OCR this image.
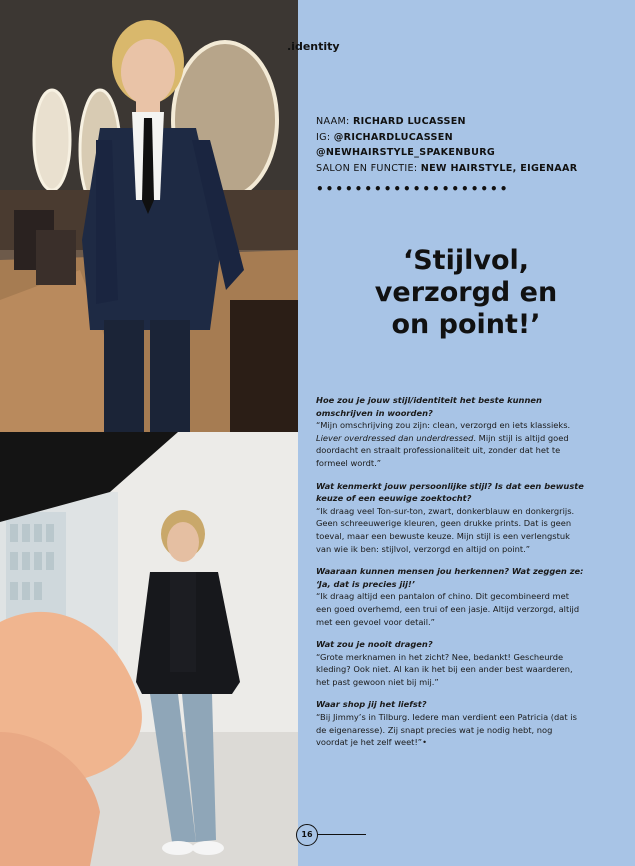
.identity
NAAM: RICHARD LUCASSEN
IG: @RICHARDLUCASSEN
@NEWHAIRSTYLE_SPAKENBURG
SALON EN FUNCTIE: NEW HAIRSTYLE, EIGENAAR
••••••••••••••••••••
‘Stijlvol,
verzorgd en
on point!’
Hoe zou je jouw stijl/identiteit het beste kunnen omschrijven in woorden?
“Mijn omschrijving zou zijn: clean, verzorgd en iets klassieks. Liever overdressed dan underdressed. Mijn stijl is altijd goed doordacht en straalt professionaliteit uit, zonder dat het te formeel wordt.”
Wat kenmerkt jouw persoonlijke stijl? Is dat een bewuste keuze of een eeuwige zoektocht?
“Ik draag veel Ton-sur-ton, zwart, donkerblauw en donkergrijs. Geen schreeuwerige kleuren, geen drukke prints. Dat is geen toeval, maar een bewuste keuze. Mijn stijl is een verlengstuk van wie ik ben: stijlvol, verzorgd en altijd on point.”
Waaraan kunnen mensen jou herkennen? Wat zeggen ze: ‘Ja, dat is precies jij!’
“Ik draag altijd een pantalon of chino. Dit gecombineerd met een goed overhemd, een trui of een jasje. Altijd verzorgd, altijd met een gevoel voor detail.”
Wat zou je nooit dragen?
“Grote merknamen in het zicht? Nee, bedankt! Gescheurde kleding? Ook niet. Al kan ik het bij een ander best waarderen, het past gewoon niet bij mij.”
Waar shop jij het liefst?
“Bij Jimmy’s in Tilburg. Iedere man verdient een Patricia (dat is de eigenaresse). Zij snapt precies wat je nodig hebt, nog voordat je het zelf weet!”•
16
